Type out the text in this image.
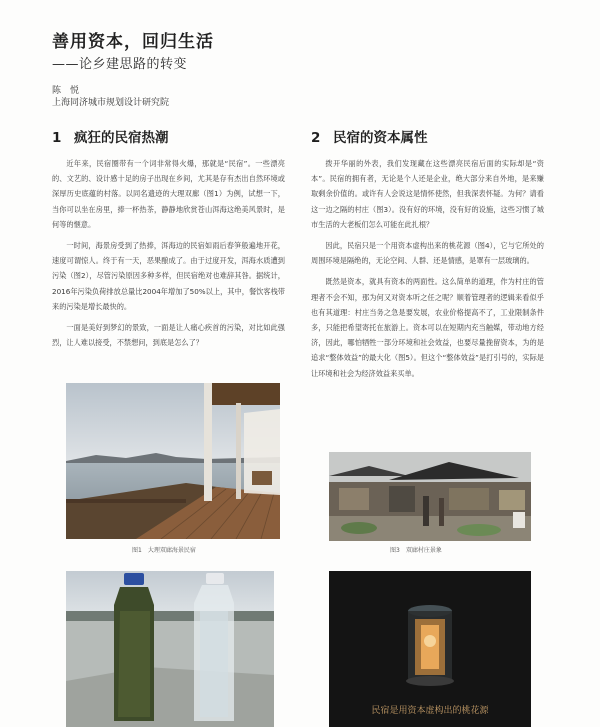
善用资本，回归生活
——论乡建思路的转变
陈　悦
上海同济城市规划设计研究院
1 疯狂的民宿热潮	2 民宿的资本属性

近年来，民宿圈带有一个词非常得火爆，那就是“民宿”。一些漂亮的、文艺的、设计感十足的房子出现在乡间，尤其是存有杰出自然环境或深厚历史底蕴的村落。以同名遗迹的大理双廊（图1）为例，试想一下，当你可以坐在房里，捧一杯热茶，静静地欣赏苍山洱海这绝美风景时，是何等的惬意。

一时间，海景房受到了热捧，洱海边的民宿如雨后春笋般遍地开花，速度可谓惊人。终于有一天，恶果酿成了。由于过度开发，洱海水质遭到污染（图2），尽管污染原因多种多样，但民宿绝对也难辞其咎。据统计，2016年污染负荷排放总量比2004年增加了50%以上，其中，餐饮客栈带来的污染是增长最快的。

一面是美好到梦幻的景致，一面是让人痛心疾首的污染，对比如此强烈，让人难以接受，不禁想问，到底是怎么了？

拨开华丽的外表，我们发现藏在这些漂亮民宿后面的实际却是“资本”。民宿的拥有者，无论是个人还是企业，绝大部分来自外地，是来赚取剩余价值的。或许有人会说这是情怀使然，但我深表怀疑。为何？请看这一边之隔的村庄（图3）。没有好的环境，没有好的设施，这些习惯了城市生活的大老板们怎么可能在此扎根？

因此，民宿只是一个用资本虚构出来的桃花源（图4），它与它所处的周围环境是隔绝的，无论空间、人群、还是情感，是罩有一层玻璃的。

既然是资本，就具有资本的两面性。这么简单的道理，作为村庄的管理者不会不知，那为何又对资本听之任之呢？顺着管理者的逻辑来看似乎也有其道理：村庄当务之急是要发展，农业价格提高不了，工业限制条件多，只能把希望寄托在旅游上。资本可以在短期内充当触媒，带动地方经济，因此，哪怕牺牲一部分环境和社会效益，也要尽量挽留资本，为的是追求“整体效益”的最大化（图5）。但这个“整体效益”是打引号的，实际是让环境和社会为经济效益来买单。

图1　大理双廊海景民宿	图3　双廊村庄景象
民宿是用资本虚构出的桃花源
